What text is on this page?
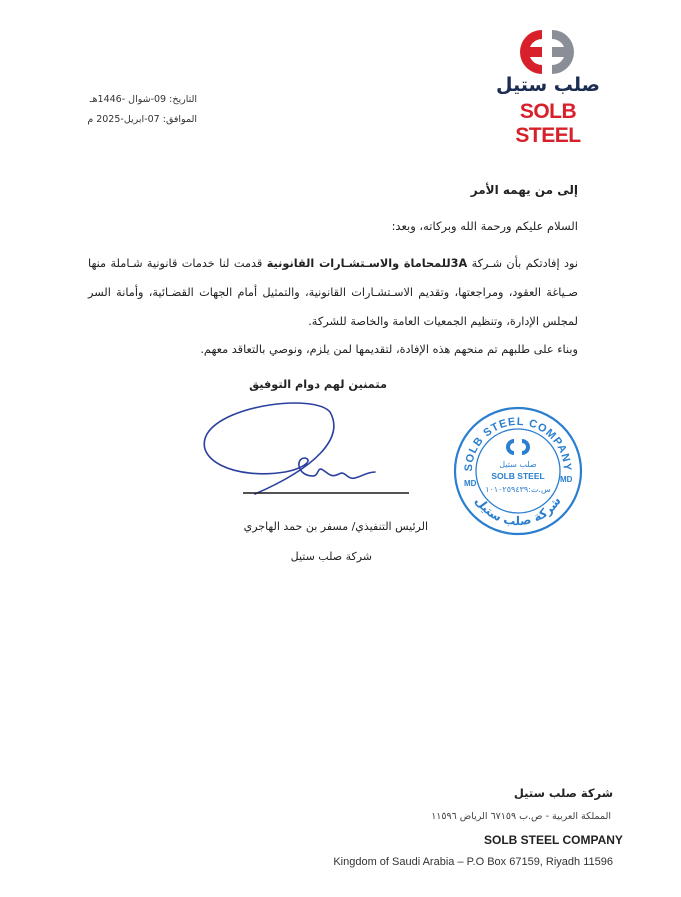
صلب ستيل
SOLB STEEL
التاريخ: 09-شوال -1446هـ
الموافق: 07-ابريل-2025 م
إلى من يهمه الأمر
السلام عليكم ورحمة الله وبركاته، وبعد:
نود إفادتكم بأن شـركة 3Aللمحاماة والاسـتشـارات القانونية قدمت لنا خدمات قانونية شـاملة منها صـياغة العقود، ومراجعتها، وتقديم الاسـتشـارات القانونية، والتمثيل أمام الجهات القضـائية، وأمانة السر لمجلس الإدارة، وتنظيم الجمعيات العامة والخاصة للشركة.
وبناء على طلبهم تم منحهم هذه الإفادة، لتقديمها لمن يلزم، ونوصي بالتعاقد معهم.
متمنين لهم دوام التوفيق
الرئيس التنفيذي/ مسفر بن حمد الهاجري
شركة صلب ستيل
SOLB STEEL COMPANY
شركة صلب ستيل
صلب ستيل
SOLB STEEL
س.ت:١٠١٠٢٥٩٤٣٩
MD	MD
شركة صلب ستيل
المملكة العربية - ص.ب ٦٧١٥٩ الرياض ١١٥٩٦
SOLB STEEL COMPANY
Kingdom of Saudi Arabia – P.O Box 67159, Riyadh 11596
